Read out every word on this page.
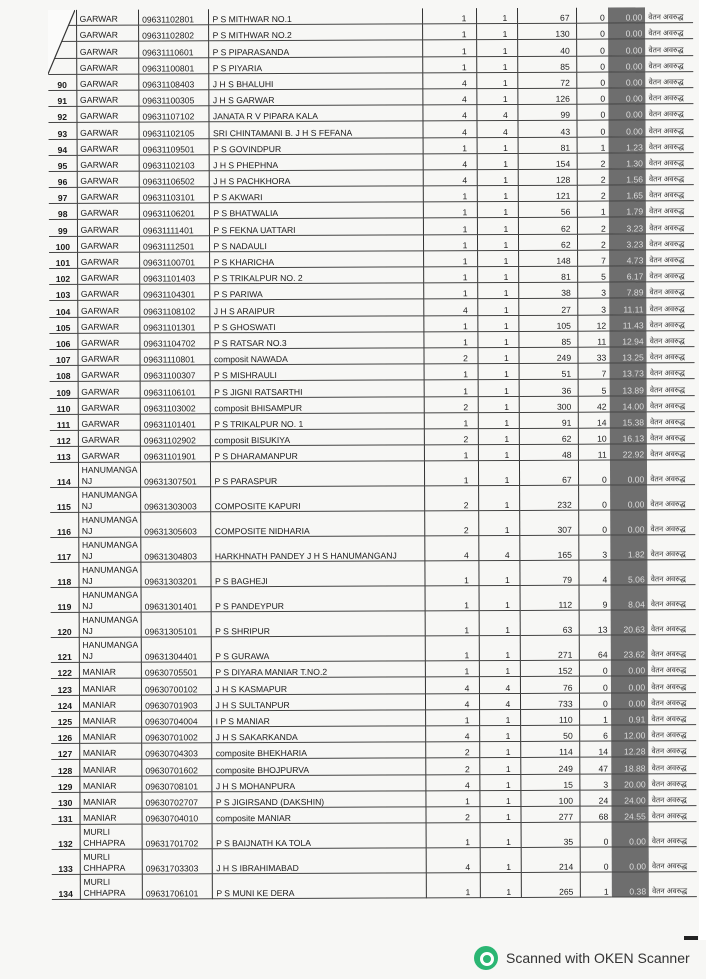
	GARWAR	09631102801	P S MITHWAR NO.1	1	1	67	0	0.00	वेतन अवरुद्ध
	GARWAR	09631102802	P S MITHWAR NO.2	1	1	130	0	0.00	वेतन अवरुद्ध
	GARWAR	09631110601	P S PIPARASANDA	1	1	40	0	0.00	वेतन अवरुद्ध
	GARWAR	09631100801	P S PIYARIA	1	1	85	0	0.00	वेतन अवरुद्ध
90	GARWAR	09631108403	J H S BHALUHI	4	1	72	0	0.00	वेतन अवरुद्ध
91	GARWAR	09631100305	J H S GARWAR	4	1	126	0	0.00	वेतन अवरुद्ध
92	GARWAR	09631107102	JANATA R V PIPARA KALA	4	4	99	0	0.00	वेतन अवरुद्ध
93	GARWAR	09631102105	SRI CHINTAMANI B. J H S FEFANA	4	4	43	0	0.00	वेतन अवरुद्ध
94	GARWAR	09631109501	P S GOVINDPUR	1	1	81	1	1.23	वेतन अवरुद्ध
95	GARWAR	09631102103	J H S PHEPHNA	4	1	154	2	1.30	वेतन अवरुद्ध
96	GARWAR	09631106502	J H S PACHKHORA	4	1	128	2	1.56	वेतन अवरुद्ध
97	GARWAR	09631103101	P S AKWARI	1	1	121	2	1.65	वेतन अवरुद्ध
98	GARWAR	09631106201	P S BHATWALIA	1	1	56	1	1.79	वेतन अवरुद्ध
99	GARWAR	09631111401	P S FEKNA UATTARI	1	1	62	2	3.23	वेतन अवरुद्ध
100	GARWAR	09631112501	P S NADAULI	1	1	62	2	3.23	वेतन अवरुद्ध
101	GARWAR	09631100701	P S KHARICHA	1	1	148	7	4.73	वेतन अवरुद्ध
102	GARWAR	09631101403	P S TRIKALPUR NO. 2	1	1	81	5	6.17	वेतन अवरुद्ध
103	GARWAR	09631104301	P S PARIWA	1	1	38	3	7.89	वेतन अवरुद्ध
104	GARWAR	09631108102	J H S ARAIPUR	4	1	27	3	11.11	वेतन अवरुद्ध
105	GARWAR	09631101301	P S GHOSWATI	1	1	105	12	11.43	वेतन अवरुद्ध
106	GARWAR	09631104702	P S RATSAR NO.3	1	1	85	11	12.94	वेतन अवरुद्ध
107	GARWAR	09631110801	composit NAWADA	2	1	249	33	13.25	वेतन अवरुद्ध
108	GARWAR	09631100307	P S MISHRAULI	1	1	51	7	13.73	वेतन अवरुद्ध
109	GARWAR	09631106101	P S JIGNI RATSARTHI	1	1	36	5	13.89	वेतन अवरुद्ध
110	GARWAR	09631103002	composit BHISAMPUR	2	1	300	42	14.00	वेतन अवरुद्ध
111	GARWAR	09631101401	P S TRIKALPUR NO. 1	1	1	91	14	15.38	वेतन अवरुद्ध
112	GARWAR	09631102902	composit BISUKIYA	2	1	62	10	16.13	वेतन अवरुद्ध
113	GARWAR	09631101901	P S DHARAMANPUR	1	1	48	11	22.92	वेतन अवरुद्ध
114	HANUMANGA NJ	09631307501	P S PARASPUR	1	1	67	0	0.00	वेतन अवरुद्ध
115	HANUMANGA NJ	09631303003	COMPOSITE KAPURI	2	1	232	0	0.00	वेतन अवरुद्ध
116	HANUMANGA NJ	09631305603	COMPOSITE NIDHARIA	2	1	307	0	0.00	वेतन अवरुद्ध
117	HANUMANGA NJ	09631304803	HARKHNATH PANDEY J H S HANUMANGANJ	4	4	165	3	1.82	वेतन अवरुद्ध
118	HANUMANGA NJ	09631303201	P S BAGHEJI	1	1	79	4	5.06	वेतन अवरुद्ध
119	HANUMANGA NJ	09631301401	P S PANDEYPUR	1	1	112	9	8.04	वेतन अवरुद्ध
120	HANUMANGA NJ	09631305101	P S SHRIPUR	1	1	63	13	20.63	वेतन अवरुद्ध
121	HANUMANGA NJ	09631304401	P S GURAWA	1	1	271	64	23.62	वेतन अवरुद्ध
122	MANIAR	09630705501	P S DIYARA MANIAR T.NO.2	1	1	152	0	0.00	वेतन अवरुद्ध
123	MANIAR	09630700102	J H S KASMAPUR	4	4	76	0	0.00	वेतन अवरुद्ध
124	MANIAR	09630701903	J H S SULTANPUR	4	4	733	0	0.00	वेतन अवरुद्ध
125	MANIAR	09630704004	I P S MANIAR	1	1	110	1	0.91	वेतन अवरुद्ध
126	MANIAR	09630701002	J H S SAKARKANDA	4	1	50	6	12.00	वेतन अवरुद्ध
127	MANIAR	09630704303	composite BHEKHARIA	2	1	114	14	12.28	वेतन अवरुद्ध
128	MANIAR	09630701602	composite BHOJPURVA	2	1	249	47	18.88	वेतन अवरुद्ध
129	MANIAR	09630708101	J H S MOHANPURA	4	1	15	3	20.00	वेतन अवरुद्ध
130	MANIAR	09630702707	P S JIGIRSAND (DAKSHIN)	1	1	100	24	24.00	वेतन अवरुद्ध
131	MANIAR	09630704010	composite MANIAR	2	1	277	68	24.55	वेतन अवरुद्ध
132	MURLI CHHAPRA	09631701702	P S BAIJNATH KA TOLA	1	1	35	0	0.00	वेतन अवरुद्ध
133	MURLI CHHAPRA	09631703303	J H S IBRAHIMABAD	4	1	214	0	0.00	वेतन अवरुद्ध
134	MURLI CHHAPRA	09631706101	P S MUNI KE DERA	1	1	265	1	0.38	वेतन अवरुद्ध
Scanned with OKEN Scanner
